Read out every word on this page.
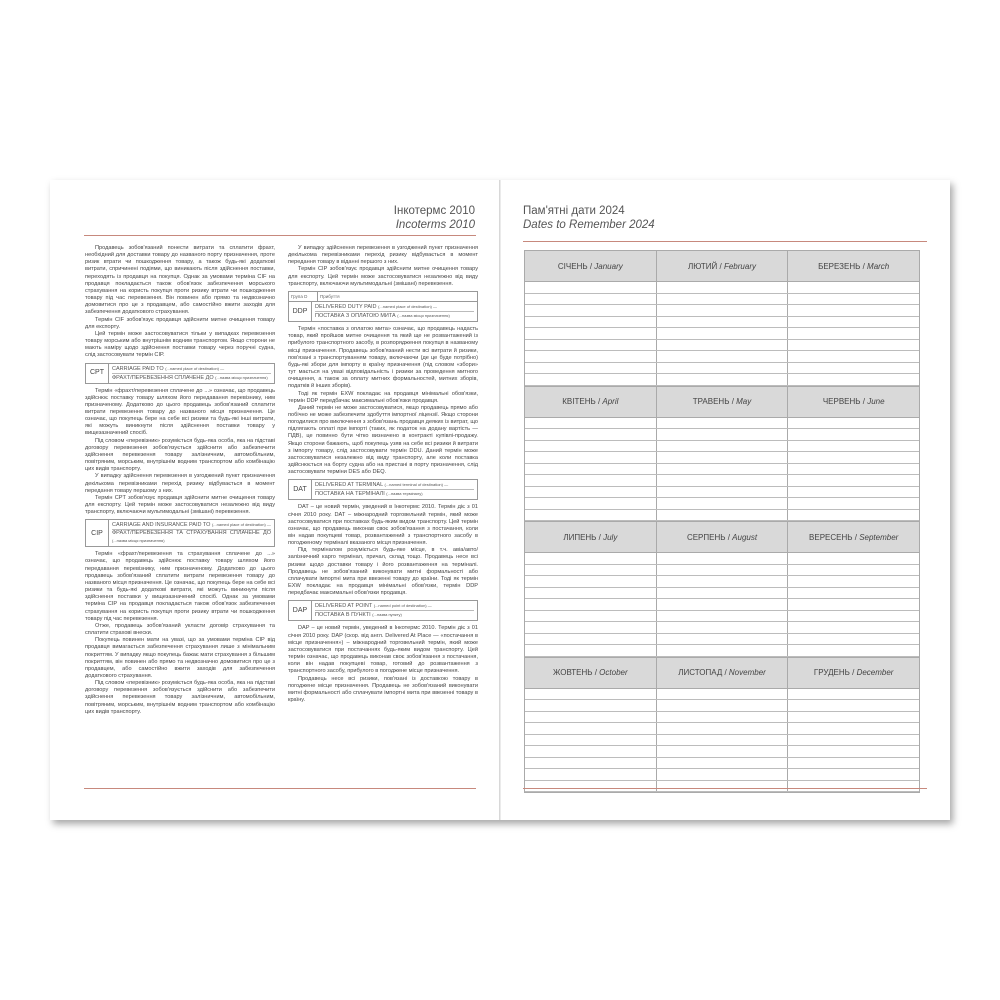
Інкотермс 2010
Incoterms 2010

Продавець зобов'язаний понести витрати та сплатити фрахт, необхідний для доставки товару до названого порту призначення, проте ризик втрати чи пошкодження товару, а також будь-які додаткові витрати, спричинені подіями, що виникають після здійснення поставки, переходять із продавця на покупця. Однак за умовами терміна CIF на продавця покладається також обов'язок забезпечення морського страхування на користь покупця проти ризику втрати чи пошкодження товару під час перевезення. Він повинен або прямо та недвозначно домовитися про це з продавцем, або самостійно вжити заходів для забезпечення додаткового страхування.

Термін CIF зобов'язує продавця здійснити митне очищення товару для експорту.

Цей термін може застосовуватися тільки у випадках перевезення товару морським або внутрішнім водним транспортом. Якщо сторони не мають наміру щодо здійснення поставки товару через поручні судна, слід застосовувати термін CIP.

CPT
CARRIAGE PAID TO (...named place of destination) —
ФРАХТ/ПЕРЕВЕЗЕННЯ СПЛАЧЕНЕ ДО (...назва місця призначення)

Термін «фрахт/перевезення сплачене до ...» означає, що продавець здійснює поставку товару шляхом його передавання перевізнику, ним призначеному. Додатково до цього продавець зобов'язаний сплатити витрати перевезення товару до названого місця призначення. Це означає, що покупець бере на себе всі ризики та будь-які інші витрати, які можуть виникнути після здійснення поставки товару у вищезазначений спосіб.

Під словом «перевізник» розуміється будь-яка особа, яка на підставі договору перевезення зобов'язується здійснити або забезпечити здійснення перевезення товару залізничним, автомобільним, повітряним, морським, внутрішнім водним транспортом або комбінацію цих видів транспорту.

У випадку здійснення перевезення в узгоджений пункт призначення декількома перевізниками перехід ризику відбувається в момент передання товару першому з них.

Термін CPT зобов'язує продавця здійснити митне очищення товару для експорту. Цей термін може застосовуватися незалежно від виду транспорту, включаючи мультимодальні (змішані) перевезення.

CIP
CARRIAGE AND INSURANCE PAID TO (...named place of destination) —
ФРАХТ/ПЕРЕВЕЗЕННЯ ТА СТРАХУВАННЯ СПЛАЧЕНЕ ДО (...назва місця призначення)

Термін «фрахт/перевезення та страхування сплачене до ...» означає, що продавець здійснює поставку товару шляхом його передавання перевізнику, ним призначеному. Додатково до цього продавець зобов'язаний сплатити витрати перевезення товару до названого місця призначення. Це означає, що покупець бере на себе всі ризики та будь-які додаткові витрати, які можуть виникнути після здійснення поставки у вищезазначений спосіб. Однак за умовами терміна CIP на продавця покладається також обов'язок забезпечення страхування на користь покупця проти ризику втрати чи пошкодження товару під час перевезення.

Отже, продавець зобов'язаний укласти договір страхування та сплатити страхові внески.

Покупець повинен мати на увазі, що за умовами терміна CIP від продавця вимагається забезпечення страхування лише з мінімальним покриттям. У випадку якщо покупець бажає мати страхування з більшим покриттям, він повинен або прямо та недвозначно домовитися про це з продавцем, або самостійно вжити заходів для забезпечення додаткового страхування.

Під словом «перевізник» розуміється будь-яка особа, яка на підставі договору перевезення зобов'язується здійснити або забезпечити здійснення перевезення товару залізничним, автомобільним, повітряним, морським, внутрішнім водним транспортом або комбінацію цих видів транспорту.

У випадку здійснення перевезення в узгоджений пункт призначення декількома перевізниками перехід ризику відбувається в момент передання товару в віданні першого з них.

Термін CIP зобов'язує продавця здійснити митне очищення товару для експорту. Цей термін може застосовуватися незалежно від виду транспорту, включаючи мультимодальні (змішані) перевезення.

Група D	Прибуття
DDP
DELIVERED DUTY PAID (...named place of destination) —
ПОСТАВКА З ОПЛАТОЮ МИТА (...назва місця призначення)

Термін «поставка з оплатою мита» означає, що продавець надасть товар, який пройшов митне очищення та який ще не розвантажений із прибулого транспортного засобу, в розпорядження покупця в названому місці призначення. Продавець зобов'язаний нести всі витрати й ризики, пов'язані з транспортуванням товару, включаючи (де це буде потрібно) будь-які збори для імпорту в країну призначення (під словом «збори» тут мається на увазі відповідальність і ризики за проведення митного очищення, а також за оплату митних формальностей, митних зборів, податків й інших зборів).

Тоді як термін EXW покладає на продавця мінімальні обов'язки, термін DDP передбачає максимальні обов'язки продавця.

Даний термін не може застосовуватися, якщо продавець прямо або побічно не може забезпечити здобуття імпортної ліцензії. Якщо сторони погодилися про виключення з зобов'язань продавця деяких із витрат, що підлягають оплаті при імпорті (таких, як податок на додану вартість — ПДВ), це повинно бути чітко визначено в контракті купівлі-продажу. Якщо сторони бажають, щоб покупець узяв на себе всі ризики й витрати з імпорту товару, слід застосовувати термін DDU. Даний термін може застосовуватися незалежно від виду транспорту, але коли поставка здійснюється на борту судна або на пристані в порту призначення, слід застосовувати терміни DES або DEQ.

DAT
DELIVERED AT TERMINAL (...named terminal of destination) —
ПОСТАВКА НА ТЕРМІНАЛІ (...назва терміналу)

DAT – це новий термін, уведений в Інкотермс 2010. Термін діє з 01 січня 2010 року. DAT – міжнародний торговельний термін, який може застосовуватися при поставках будь-яким видом транспорту. Цей термін означає, що продавець виконав своє зобов'язання з постачання, коли він надав покупцеві товар, розвантажений з транспортного засобу в погодженому терміналі вказаного місця призначення.

Під терміналом розуміється будь-яке місце, в т.ч. авіа/авто/залізничний карго термінал, причал, склад тощо. Продавець несе всі ризики щодо доставки товару і його розвантаження на терміналі. Продавець не зобов'язаний виконувати митні формальності або сплачувати імпортні мита при ввезенні товару до країни. Тоді як термін EXW покладає на продавця мінімальні обов'язки, термін DDP передбачає максимальні обов'язки продавця.

DAP
DELIVERED AT POINT (...named point of destination) —
ПОСТАВКА В ПУНКТІ (...назва пункту)

DAP – це новий термін, уведений в Інкотермс 2010. Термін діє з 01 січня 2010 року. DAP (скор. від англ. Delivered At Place — «постачання в місце призначення») – міжнародний торговельний термін, який може застосовуватися при постачаннях будь-яким видом транспорту. Цей термін означає, що продавець виконав своє зобов'язання з постачання, коли він надав покупцеві товар, готовий до розвантаження з транспортного засобу, прибулого в погоджене місце призначення.

Продавець несе всі ризики, пов'язані із доставкою товару в погоджене місце призначення. Продавець не зобов'язаний виконувати митні формальності або сплачувати імпортні мита при ввезенні товару в країну.

Пам'ятні дати 2024
Dates to Remember 2024
СІЧЕНЬ / January	ЛЮТИЙ / February	БЕРЕЗЕНЬ / March
КВІТЕНЬ / April	ТРАВЕНЬ / May	ЧЕРВЕНЬ / June
ЛИПЕНЬ / July	СЕРПЕНЬ / August	ВЕРЕСЕНЬ / September
ЖОВТЕНЬ / October	ЛИСТОПАД / November	ГРУДЕНЬ / December
